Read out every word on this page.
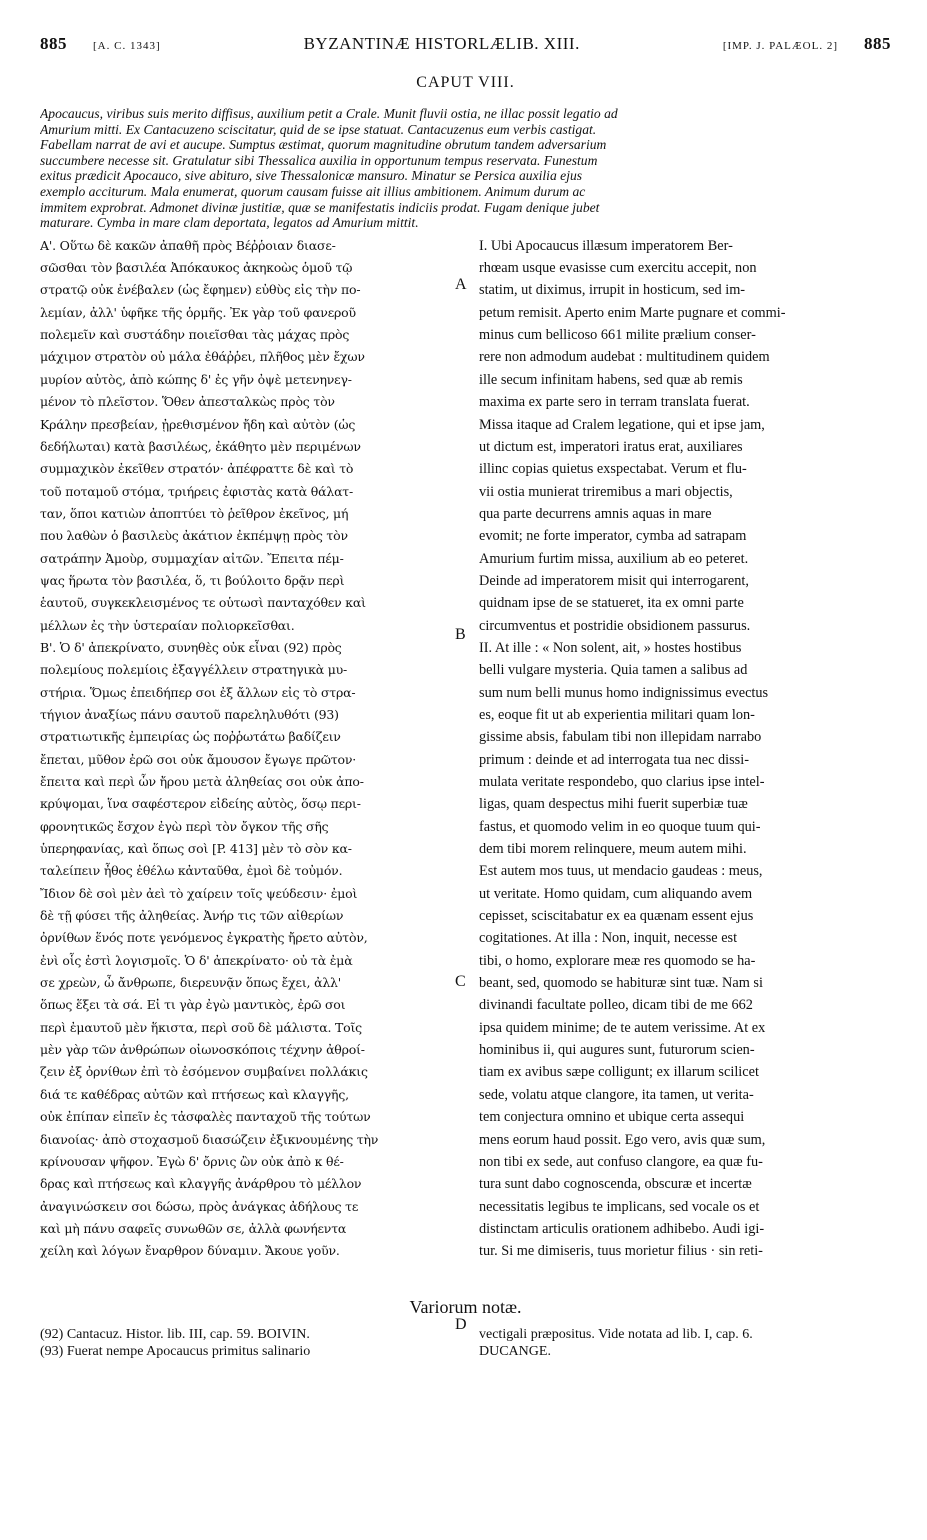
885 [A. C. 1343]	BYZANTINÆ HISTORLÆLIB. XIII.	[IMP. J. PALÆOL. 2] 885
CAPUT VIII.
Apocaucus, viribus suis merito diffisus, auxilium petit a Crale. Munit fluvii ostia, ne illac possit legatio ad
Amurium mitti. Ex Cantacuzeno sciscitatur, quid de se ipse statuat. Cantacuzenus eum verbis castigat.
Fabellam narrat de avi et aucupe. Sumptus æstimat, quorum magnitudine obrutum tandem adversarium
succumbere necesse sit. Gratulatur sibi Thessalica auxilia in opportunum tempus reservata. Funestum
exitus prædicit Apocauco, sive abituro, sive Thessalonicæ mansuro. Minatur se Persica auxilia ejus
exemplo acciturum. Mala enumerat, quorum causam fuisse ait illius ambitionem. Animum durum ac
immitem exprobrat. Admonet divinæ justitiæ, quæ se manifestatis indiciis prodat. Fugam denique jubet
maturare. Cymba in mare clam deportata, legatos ad Amurium mittit.
Α'. Οὕτω δὲ κακῶν ἀπαθῆ πρὸς Βέῤῥοιαν διασε-
σῶσθαι τὸν βασιλέα Ἀπόκαυκος ἀκηκοὼς ὁμοῦ τῷ
στρατῷ οὐκ ἐνέβαλεν (ὡς ἔφημεν) εὐθὺς εἰς τὴν πο-
λεμίαν, ἀλλ' ὑφῆκε τῆς ὁρμῆς. Ἐκ γὰρ τοῦ φανεροῦ
πολεμεῖν καὶ συστάδην ποιεῖσθαι τὰς μάχας πρὸς
μάχιμον στρατὸν οὐ μάλα ἐθάῤῥει, πλῆθος μὲν ἔχων
μυρίον αὐτὸς, ἀπὸ κώπης δ' ἐς γῆν ὀψὲ μετενηνεγ-
μένον τὸ πλεῖστον. Ὅθεν ἀπεσταλκὼς πρὸς τὸν
Κράλην πρεσβείαν, ᾐρεθισμένον ἤδη καὶ αὐτὸν (ὡς
δεδήλωται) κατὰ βασιλέως, ἐκάθητο μὲν περιμένων
συμμαχικὸν ἐκεῖθεν στρατόν· ἀπέφραττε δὲ καὶ τὸ
τοῦ ποταμοῦ στόμα, τριήρεις ἐφιστὰς κατὰ θάλατ-
ταν, ὅποι κατιὼν ἀποπτύει τὸ ῥεῖθρον ἐκεῖνος, μή
που λαθὼν ὁ βασιλεὺς ἀκάτιον ἐκπέμψῃ πρὸς τὸν
σατράπην Ἀμοὺρ, συμμαχίαν αἰτῶν. Ἔπειτα πέμ-
ψας ἥρωτα τὸν βασιλέα, ὅ, τι βούλοιτο δρᾷν περὶ
ἑαυτοῦ, συγκεκλεισμένος τε οὑτωσὶ πανταχόθεν καὶ
μέλλων ἐς τὴν ὑστεραίαν πολιορκεῖσθαι.
Β'. Ὁ δ' ἀπεκρίνατο, συνηθὲς οὐκ εἶναι (92) πρὸς
πολεμίους πολεμίοις ἐξαγγέλλειν στρατηγικὰ μυ-
στήρια. Ὅμως ἐπειδήπερ σοι ἐξ ἄλλων εἰς τὸ στρα-
τήγιον ἀναξίως πάνυ σαυτοῦ παρεληλυθότι (93)
στρατιωτικῆς ἐμπειρίας ὡς ποῤῥωτάτω βαδίζειν
ἔπεται, μῦθον ἐρῶ σοι οὐκ ἄμουσον ἔγωγε πρῶτον·
ἔπειτα καὶ περὶ ὧν ἤρου μετὰ ἀληθείας σοι οὐκ ἀπο-
κρύψομαι, ἵνα σαφέστερον εἰδείης αὐτὸς, ὅσῳ περι-
φρονητικῶς ἔσχον ἐγὼ περὶ τὸν ὄγκον τῆς σῆς
ὑπερηφανίας, καὶ ὅπως σοὶ [P. 413] μὲν τὸ σὸν κα-
ταλείπειν ἦθος ἐθέλω κἀνταῦθα, ἐμοὶ δὲ τοὐμόν.
Ἴδιον δὲ σοὶ μὲν ἀεὶ τὸ χαίρειν τοῖς ψεύδεσιν· ἐμοὶ
δὲ τῇ φύσει τῆς ἀληθείας. Ἀνήρ τις τῶν αἰθερίων
ὀρνίθων ἕνός ποτε γενόμενος ἐγκρατὴς ἤρετο αὐτὸν,
ἐνὶ οἷς ἐστὶ λογισμοῖς. Ὁ δ' ἀπεκρίνατο· οὐ τὰ ἐμὰ
σε χρεὼν, ὦ ἄνθρωπε, διερευνᾷν ὅπως ἔχει, ἀλλ'
ὅπως ἕξει τὰ σά. Εἰ τι γὰρ ἐγὼ μαντικὸς, ἐρῶ σοι
περὶ ἐμαυτοῦ μὲν ἥκιστα, περὶ σοῦ δὲ μάλιστα. Τοῖς
μὲν γὰρ τῶν ἀνθρώπων οἰωνοσκόποις τέχνην ἀθροί-
ζειν ἐξ ὀρνίθων ἐπὶ τὸ ἐσόμενον συμβαίνει πολλάκις
διά τε καθέδρας αὐτῶν καὶ πτήσεως καὶ κλαγγῆς,
οὐκ ἐπίπαν εἰπεῖν ἐς τἀσφαλὲς πανταχοῦ τῆς τούτων
διανοίας· ἀπὸ στοχασμοῦ διασώζειν ἐξικνουμένης τὴν
κρίνουσαν ψῆφον. Ἐγὼ δ' ὄρνις ὢν οὐκ ἀπὸ κ θέ-
δρας καὶ πτήσεως καὶ κλαγγῆς ἀνάρθρου τὸ μέλλον
ἀναγινώσκειν σοι δώσω, πρὸς ἀνάγκας ἀδήλους τε
καὶ μὴ πάνυ σαφεῖς συνωθῶν σε, ἀλλὰ φωνήεντα
χείλη καὶ λόγων ἔναρθρον δύναμιν. Ἄκουε γοῦν.
I. Ubi Apocaucus illæsum imperatorem Ber-
rhœam usque evasisse cum exercitu accepit, non
statim, ut diximus, irrupit in hosticum, sed im-
petum remisit. Aperto enim Marte pugnare et commi-
minus cum bellicoso 661 milite prælium conser-
rere non admodum audebat : multitudinem quidem
ille secum infinitam habens, sed quæ ab remis
maxima ex parte sero in terram translata fuerat.
Missa itaque ad Cralem legatione, qui et ipse jam,
ut dictum est, imperatori iratus erat, auxiliares
illinc copias quietus exspectabat. Verum et flu-
vii ostia munierat triremibus a mari objectis,
qua parte decurrens amnis aquas in mare
evomit; ne forte imperator, cymba ad satrapam
Amurium furtim missa, auxilium ab eo peteret.
Deinde ad imperatorem misit qui interrogarent,
quidnam ipse de se statueret, ita ex omni parte
circumventus et postridie obsidionem passurus.
II. At ille : « Non solent, ait, » hostes hostibus
belli vulgare mysteria. Quia tamen a salibus ad
sum num belli munus homo indignissimus evectus
es, eoque fit ut ab experientia militari quam lon-
gissime absis, fabulam tibi non illepidam narrabo
primum : deinde et ad interrogata tua nec dissi-
mulata veritate respondebo, quo clarius ipse intel-
ligas, quam despectus mihi fuerit superbiæ tuæ
fastus, et quomodo velim in eo quoque tuum qui-
dem tibi morem relinquere, meum autem mihi.
Est autem mos tuus, ut mendacio gaudeas : meus,
ut veritate. Homo quidam, cum aliquando avem
cepisset, sciscitabatur ex ea quænam essent ejus
cogitationes. At illa : Non, inquit, necesse est
tibi, o homo, explorare meæ res quomodo se ha-
beant, sed, quomodo se habituræ sint tuæ. Nam si
divinandi facultate polleo, dicam tibi de me 662
ipsa quidem minime; de te autem verissime. At ex
hominibus ii, qui augures sunt, futurorum scien-
tiam ex avibus sæpe colligunt; ex illarum scilicet
sede, volatu atque clangore, ita tamen, ut verita-
tem conjectura omnino et ubique certa assequi
mens eorum haud possit. Ego vero, avis quæ sum,
non tibi ex sede, aut confuso clangore, ea quæ fu-
tura sunt dabo cognoscenda, obscuræ et incertæ
necessitatis legibus te implicans, sed vocale os et
distinctam articulis orationem adhibebo. Audi igi-
tur. Si me dimiseris, tuus morietur filius · sin reti-
A
B
C
D
Variorum notæ.
(92) Cantacuz. Histor. lib. III, cap. 59. BOIVIN.
(93) Fuerat nempe Apocaucus primitus salinario
vectigali præpositus. Vide notata ad lib. I, cap. 6.
DUCANGE.
